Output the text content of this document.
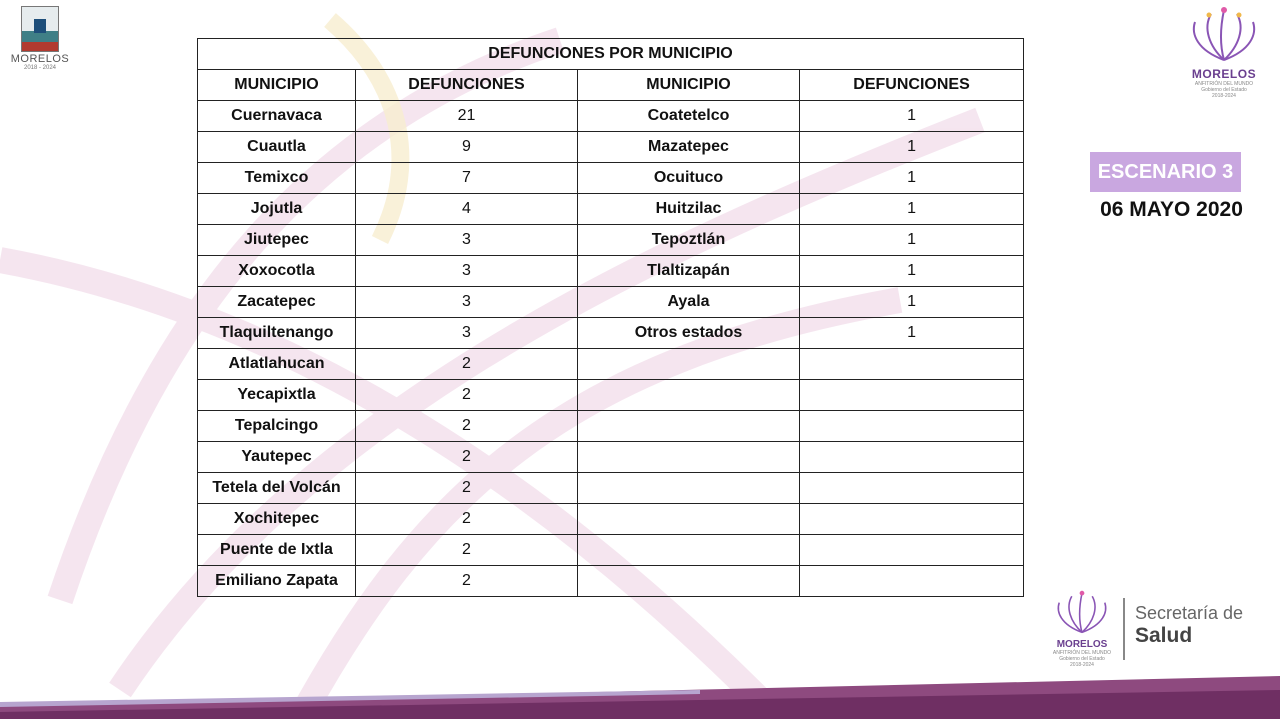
MORELOS
2018 - 2024
DEFUNCIONES POR MUNICIPIO			
MUNICIPIO	DEFUNCIONES	MUNICIPIO	DEFUNCIONES
Cuernavaca	21	Coatetelco	1
Cuautla	9	Mazatepec	1
Temixco	7	Ocuituco	1
Jojutla	4	Huitzilac	1
Jiutepec	3	Tepoztlán	1
Xoxocotla	3	Tlaltizapán	1
Zacatepec	3	Ayala	1
Tlaquiltenango	3	Otros estados	1
Atlatlahucan	2		
Yecapixtla	2		
Tepalcingo	2		
Yautepec	2		
Tetela del Volcán	2		
Xochitepec	2		
Puente de Ixtla	2		
Emiliano Zapata	2		
ESCENARIO 3
06 MAYO 2020
MORELOS
ANFITRIÓN DEL MUNDO
Gobierno del Estado
2018-2024
MORELOS
ANFITRIÓN DEL MUNDO
Gobierno del Estado
2018-2024
Secretaría de
Salud
